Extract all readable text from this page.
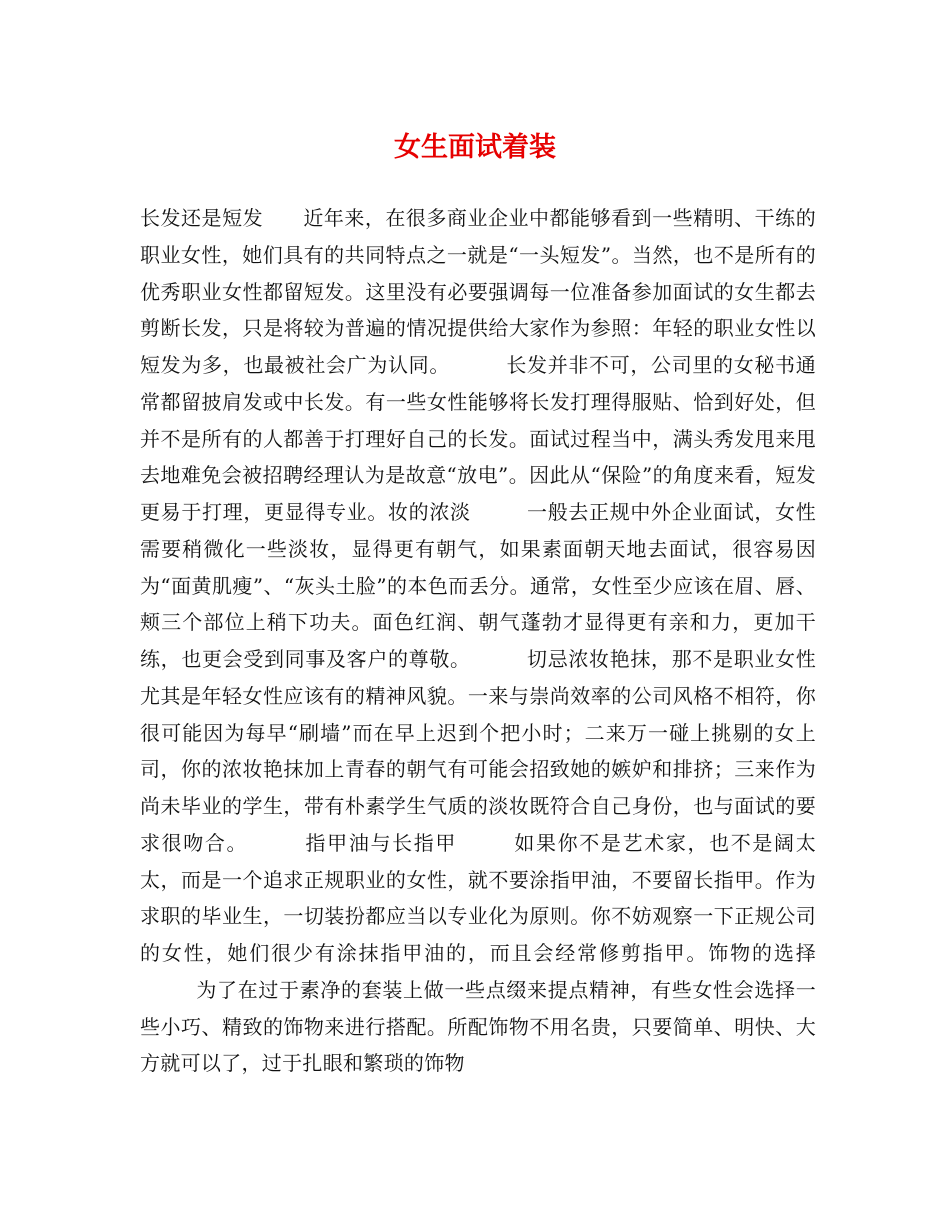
女生面试着装

长发还是短发 近年来，在很多商业企业中都能够看到一些精明、干练的职业女性，她们具有的共同特点之一就是“一头短发”。当然，也不是所有的优秀职业女性都留短发。这里没有必要强调每一位准备参加面试的女生都去剪断长发，只是将较为普遍的情况提供给大家作为参照：年轻的职业女性以短发为多，也最被社会广为认同。	长发并非不可，公司里的女秘书通常都留披肩发或中长发。有一些女性能够将长发打理得服贴、恰到好处，但并不是所有的人都善于打理好自己的长发。面试过程当中，满头秀发甩来甩去地难免会被招聘经理认为是故意“放电”。因此从“保险”的角度来看，短发更易于打理，更显得专业。妆的浓淡	一般去正规中外企业面试，女性需要稍微化一些淡妆，显得更有朝气，如果素面朝天地去面试，很容易因为“面黄肌瘦”、“灰头土脸”的本色而丢分。通常，女性至少应该在眉、唇、颊三个部位上稍下功夫。面色红润、朝气蓬勃才显得更有亲和力，更加干练，也更会受到同事及客户的尊敬。	切忌浓妆艳抹，那不是职业女性尤其是年轻女性应该有的精神风貌。一来与崇尚效率的公司风格不相符，你很可能因为每早“刷墙”而在早上迟到个把小时；二来万一碰上挑剔的女上司，你的浓妆艳抹加上青春的朝气有可能会招致她的嫉妒和排挤；三来作为尚未毕业的学生，带有朴素学生气质的淡妆既符合自己身份，也与面试的要求很吻合。	指甲油与长指甲	如果你不是艺术家，也不是阔太太，而是一个追求正规职业的女性，就不要涂指甲油，不要留长指甲。作为求职的毕业生，一切装扮都应当以专业化为原则。你不妨观察一下正规公司的女性，她们很少有涂抹指甲油的，而且会经常修剪指甲。饰物的选择为了在过于素净的套装上做一些点缀来提点精神，有些女性会选择一些小巧、精致的饰物来进行搭配。所配饰物不用名贵，只要简单、明快、大方就可以了，过于扎眼和繁琐的饰物
